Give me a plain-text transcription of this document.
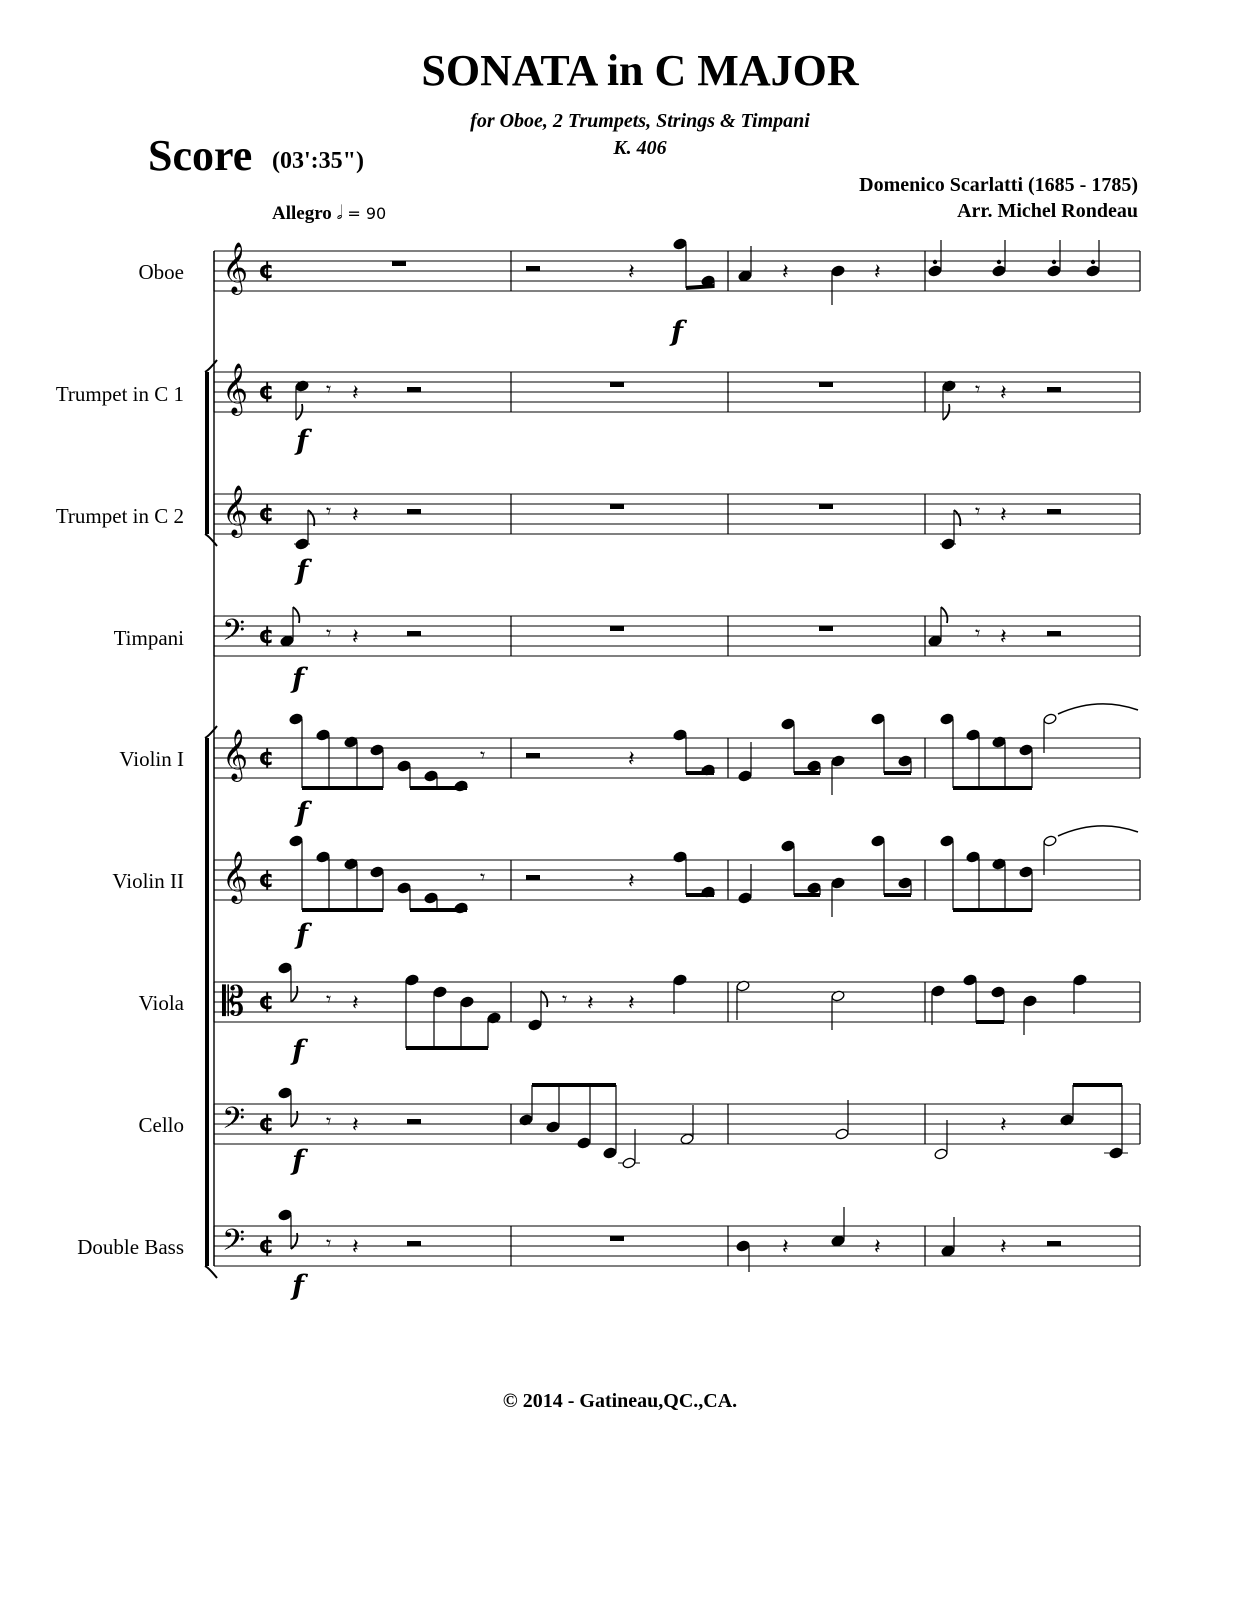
SONATA in C MAJOR
for Oboe, 2 Trumpets, Strings & Timpani
K. 406
Score (03':35")
Domenico Scarlatti (1685 - 1785)
Arr. Michel Rondeau
Allegro 𝅗𝅥 = 90
Oboe
Trumpet in C 1
Trumpet in C 2
Timpani
Violin I
Violin II
Viola
Cello
Double Bass
𝄞 ¢
𝄞 ¢
𝄞 ¢
𝄢 ¢
𝄞 ¢
𝄞 ¢
𝄡 ¢
𝄢 ¢
𝄢 ¢
𝄽	𝄽	𝄽
f
𝄾 𝄽	𝄾 𝄽
f
𝄾 𝄽	𝄾 𝄽
f
𝄾 𝄽	𝄾 𝄽
f
𝄾	𝄽
f
𝄾	𝄽
f
𝄾 𝄽	𝄾 𝄽 𝄽
f
𝄾 𝄽	𝄽
f
𝄾 𝄽	𝄽	𝄽	𝄽
f
© 2014 - Gatineau,QC.,CA.
